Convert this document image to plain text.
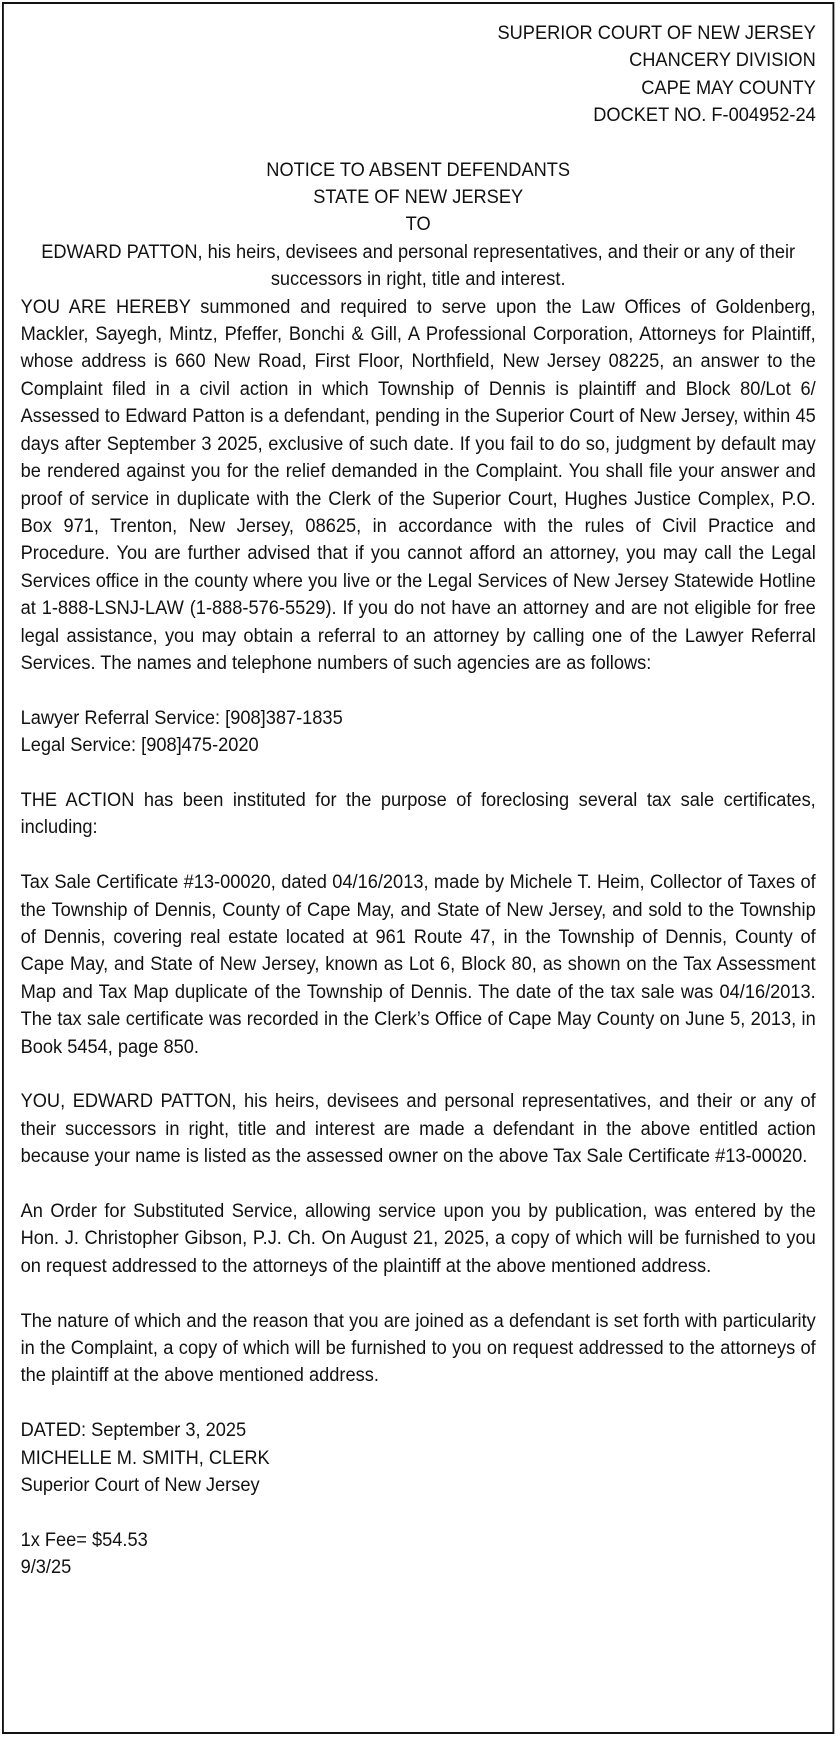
SUPERIOR COURT OF NEW JERSEY
CHANCERY DIVISION
CAPE MAY COUNTY
DOCKET NO. F-004952-24
NOTICE TO ABSENT DEFENDANTS
STATE OF NEW JERSEY
TO

EDWARD PATTON, his heirs, devisees and personal representatives, and their or any of their successors in right, title and interest.

YOU ARE HEREBY summoned and required to serve upon the Law Offices of Goldenberg, Mackler, Sayegh, Mintz, Pfeffer, Bonchi & Gill, A Professional Corporation, Attorneys for Plaintiff, whose address is 660 New Road, First Floor, Northfield, New Jersey 08225, an answer to the Complaint filed in a civil action in which Township of Dennis is plaintiff and Block 80/Lot 6/ Assessed to Edward Patton is a defendant, pending in the Superior Court of New Jersey, within 45 days after September 3 2025, exclusive of such date. If you fail to do so, judgment by default may be rendered against you for the relief demanded in the Complaint. You shall file your answer and proof of service in duplicate with the Clerk of the Superior Court, Hughes Justice Complex, P.O. Box 971, Trenton, New Jersey, 08625, in accordance with the rules of Civil Practice and Procedure. You are further advised that if you cannot afford an attorney, you may call the Legal Services office in the county where you live or the Legal Services of New Jersey Statewide Hotline at 1-888-LSNJ-LAW (1-888-576-5529). If you do not have an attorney and are not eligible for free legal assistance, you may obtain a referral to an attorney by calling one of the Lawyer Referral Services. The names and telephone numbers of such agencies are as follows:

Lawyer Referral Service: [908]387-1835
Legal Service: [908]475-2020

THE ACTION has been instituted for the purpose of foreclosing several tax sale certificates, including:

Tax Sale Certificate #13-00020, dated 04/16/2013, made by Michele T. Heim, Collector of Taxes of the Township of Dennis, County of Cape May, and State of New Jersey, and sold to the Township of Dennis, covering real estate located at 961 Route 47, in the Township of Dennis, County of Cape May, and State of New Jersey, known as Lot 6, Block 80, as shown on the Tax Assessment Map and Tax Map duplicate of the Township of Dennis. The date of the tax sale was 04/16/2013. The tax sale certificate was recorded in the Clerk’s Office of Cape May County on June 5, 2013, in Book 5454, page 850.

YOU, EDWARD PATTON, his heirs, devisees and personal representatives, and their or any of their successors in right, title and interest are made a defendant in the above entitled action because your name is listed as the assessed owner on the above Tax Sale Certificate #13-00020.

An Order for Substituted Service, allowing service upon you by publication, was entered by the Hon. J. Christopher Gibson, P.J. Ch. On August 21, 2025, a copy of which will be furnished to you on request addressed to the attorneys of the plaintiff at the above mentioned address.

The nature of which and the reason that you are joined as a defendant is set forth with particularity in the Complaint, a copy of which will be furnished to you on request addressed to the attorneys of the plaintiff at the above mentioned address.

DATED: September 3, 2025
MICHELLE M. SMITH, CLERK
Superior Court of New Jersey
1x Fee= $54.53
9/3/25
